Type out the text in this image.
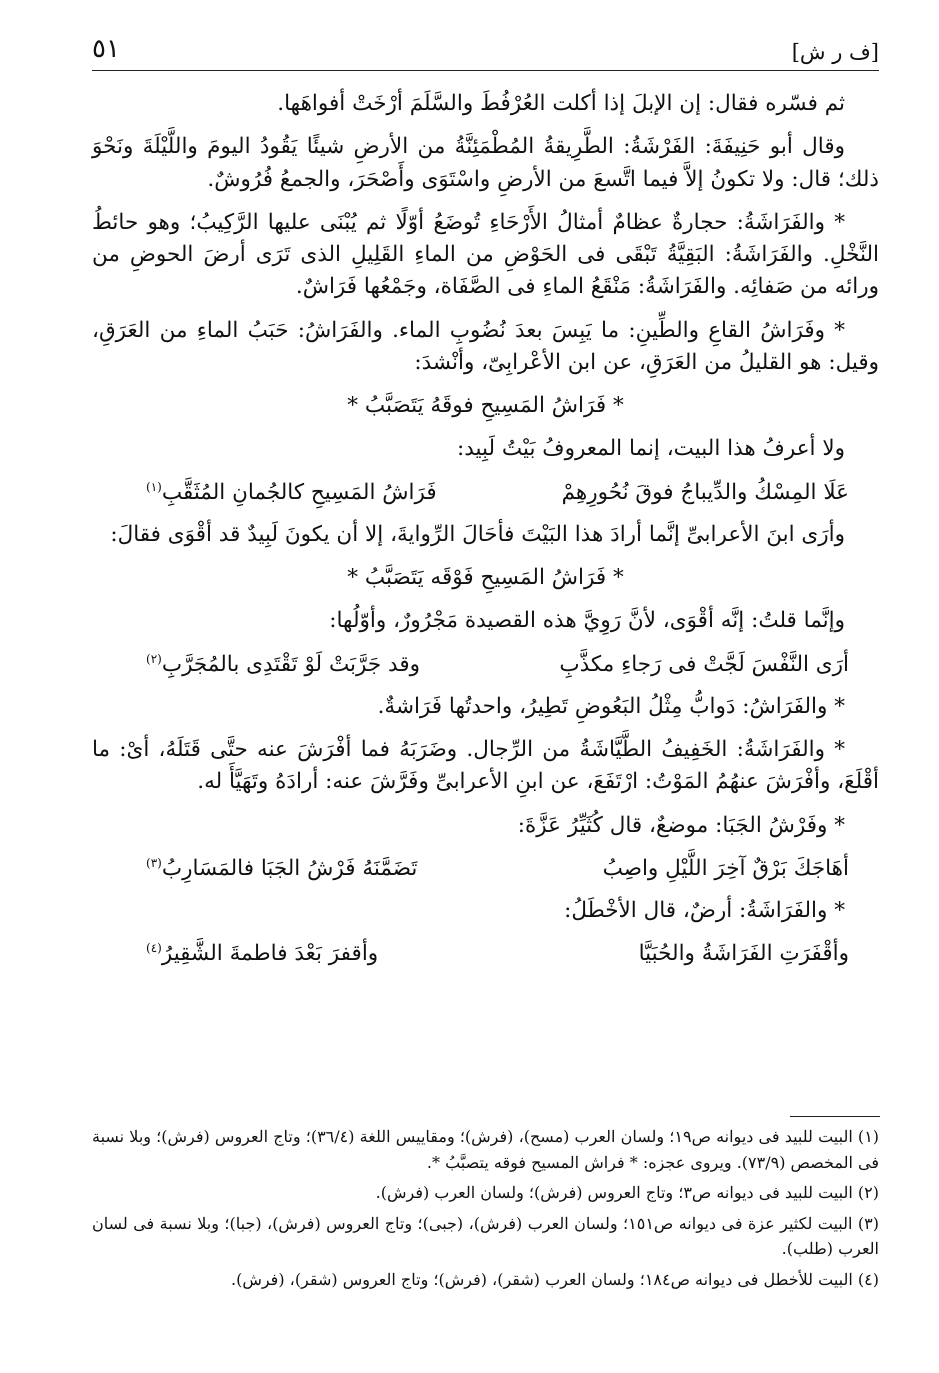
[ف ر ش]
٥١

ثم فسّره فقال: إن الإبلَ إذا أكلت العُرْفُطَ والسَّلَمَ أرْخَتْ أفواهَها.

وقال أبو حَنِيفَةَ: الفَرْشَةُ: الطَّرِيقةُ المُطْمَئِنَّةُ من الأرضِ شيئًا يَقُودُ اليومَ واللَّيْلَةَ ونَحْوَ ذلك؛ قال: ولا تكونُ إلاَّ فيما اتَّسعَ من الأرضِ واسْتَوَى وأَصْحَرَ، والجمعُ فُرُوشٌ.

* والفَرَاشَةُ: حجارةٌ عظامٌ أمثالُ الأَرْحَاءِ تُوضَعُ أوّلًا ثم يُبْنَى عليها الرَّكِيبُ؛ وهو حائطُ النَّخْلِ. والفَرَاشَةُ: البَقِيَّةُ تَبْقَى فى الحَوْضِ من الماءِ القَلِيلِ الذى تَرَى أرضَ الحوضِ من ورائه من صَفائِه. والفَرَاشَةُ: مَنْقَعُ الماءِ فى الصَّفَاة، وجَمْعُها فَرَاشٌ.

* وفَرَاشُ القاعِ والطِّينِ: ما يَبِسَ بعدَ نُضُوبِ الماء. والفَرَاشُ: حَبَبُ الماءِ من العَرَقِ، وقيل: هو القليلُ من العَرَقِ، عن ابن الأعْرابِىّ، وأنْشدَ:

* فَرَاشُ المَسِيحِ فوقَهُ يَتَصَبَّبُ *

ولا أعرفُ هذا البيت، إنما المعروفُ بَيْتُ لَبِيد:

عَلَا المِسْكُ والدِّيباجُ فوقَ نُحُورِهِمْ
فَرَاشُ المَسِيحِ كالجُمانِ المُثَقَّبِ$^{(١)}$

وأرَى ابنَ الأعرابىِّ إنَّما أرادَ هذا البَيْتَ فأحَالَ الرِّوايةَ، إلا أن يكونَ لَبِيدٌ قد أقْوَى فقالَ:

* فَرَاشُ المَسِيحِ فَوْقَه يَتَصَبَّبُ *

وإنَّما قلتُ: إنَّه أقْوَى، لأنَّ رَوِيَّ هذه القصيدة مَجْرُورٌ، وأوّلُها:

أرَى النَّفْسَ لَجَّتْ فى رَجاءِ مكذَّبِ
وقد جَرَّبَتْ لَوْ تَقْتَدِى بالمُجَرَّبِ$^{(٢)}$

* والفَرَاشُ: دَوابُّ مِثْلُ البَعُوضِ تَطِيرُ، واحدتُها فَرَاشةٌ.

* والفَرَاشَةُ: الخَفِيفُ الطَّيَّاشَةُ من الرِّجال. وضَرَبَهُ فما أفْرَشَ عنه حتَّى قَتَلَهُ، أىْ: ما أقْلَعَ، وأفْرَشَ عنهُمُ المَوْتُ: ارْتَفَعَ، عن ابنِ الأعرابىِّ وفَرَّشَ عنه: أرادَهُ وتَهَيَّأَ له.

* وفَرْشُ الجَبَا: موضعٌ، قال كُثَيِّرُ عَزَّةَ:

أهَاجَكَ بَرْقٌ آخِرَ اللَّيْلِ واصِبُ
تَضَمَّنَهُ فَرْشُ الجَبَا فالمَسَارِبُ$^{(٣)}$

* والفَرَاشَةُ: أرضٌ، قال الأخْطَلُ:

وأقْفَرَتِ الفَرَاشَةُ والحُبَيَّا
وأقفرَ بَعْدَ فاطمةَ الشَّقِيرُ$^{(٤)}$

(١) البيت للبيد فى ديوانه ص١٩؛ ولسان العرب (مسح)، (فرش)؛ ومقاييس اللغة (٣٦/٤)؛ وتاج العروس (فرش)؛ وبلا نسبة فى المخصص (٧٣/٩). ويروى عجزه: * فراش المسيح فوقه يتصبَّبُ *.

(٢) البيت للبيد فى ديوانه ص٣؛ وتاج العروس (فرش)؛ ولسان العرب (فرش).

(٣) البيت لكثير عزة فى ديوانه ص١٥١؛ ولسان العرب (فرش)، (جبى)؛ وتاج العروس (فرش)، (جبا)؛ وبلا نسبة فى لسان العرب (طلب).

(٤) البيت للأخطل فى ديوانه ص١٨٤؛ ولسان العرب (شقر)، (فرش)؛ وتاج العروس (شقر)، (فرش).
